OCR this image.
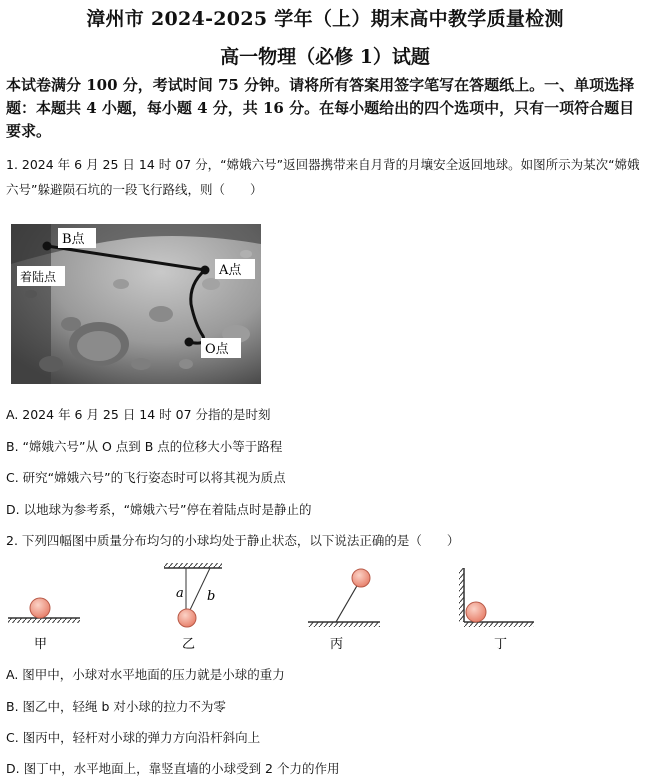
漳州市 2024-2025 学年（上）期末高中教学质量检测
高一物理（必修 1）试题
本试卷满分 100 分，考试时间 75 分钟。请将所有答案用签字笔写在答题纸上。一、单项选择题：本题共 4 小题，每小题 4 分，共 16 分。在每小题给出的四个选项中，只有一项符合题目要求。
1. 2024 年 6 月 25 日 14 时 07 分，“嫦娥六号”返回器携带来自月背的月壤安全返回地球。如图所示为某次“嫦娥六号”躲避陨石坑的一段飞行路线，则（　　）
B点
A点
O点
着陆点
A. 2024 年 6 月 25 日 14 时 07 分指的是时刻
B. “嫦娥六号”从 O 点到 B 点的位移大小等于路程
C. 研究“嫦娥六号”的飞行姿态时可以将其视为质点
D. 以地球为参考系，“嫦娥六号”停在着陆点时是静止的
2. 下列四幅图中质量分布均匀的小球均处于静止状态，以下说法正确的是（　　）
甲
a b
乙	丙	丁
A. 图甲中，小球对水平地面的压力就是小球的重力
B. 图乙中，轻绳 b 对小球的拉力不为零
C. 图丙中，轻杆对小球的弹力方向沿杆斜向上
D. 图丁中，水平地面上，靠竖直墙的小球受到 2 个力的作用
